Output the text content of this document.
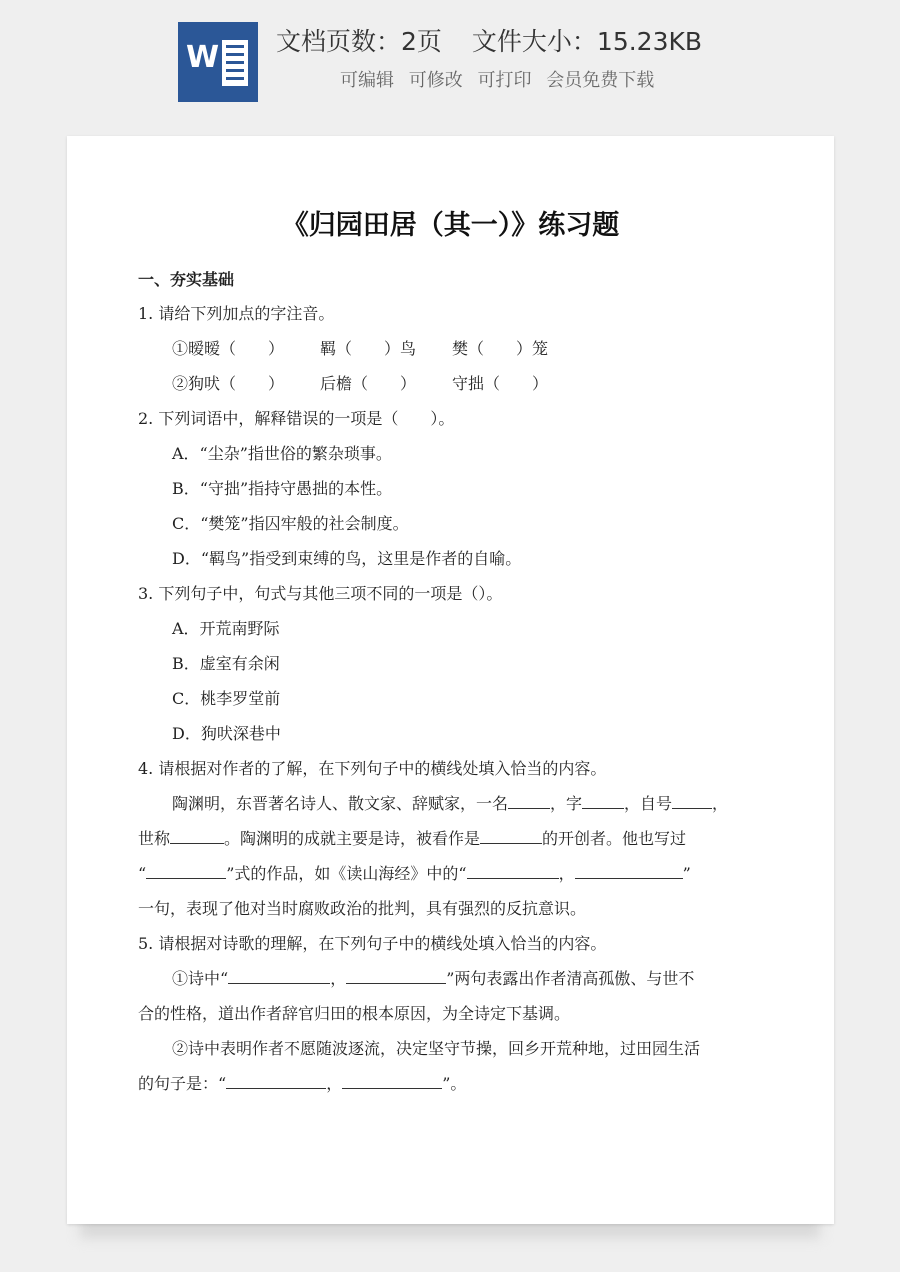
W 文档页数：2页 文件大小：15.23KB
可编辑 可修改 可打印 会员免费下载
《归园田居（其一）》练习题
一、夯实基础
1. 请给下列加点的字注音。
①暧暧（　　） 羁（　　）鸟 樊（　　）笼
②狗吠（　　） 后檐（　　） 守拙（　　）
2. 下列词语中，解释错误的一项是（　　）。
A．“尘杂”指世俗的繁杂琐事。
B．“守拙”指持守愚拙的本性。
C．“樊笼”指囚牢般的社会制度。
D．“羁鸟”指受到束缚的鸟，这里是作者的自喻。
3. 下列句子中，句式与其他三项不同的一项是（）。
A．开荒南野际
B．虚室有余闲
C．桃李罗堂前
D．狗吠深巷中
4. 请根据对作者的了解，在下列句子中的横线处填入恰当的内容。
陶渊明，东晋著名诗人、散文家、辞赋家，一名	，字	，自号	，
世称	。陶渊明的成就主要是诗，被看作是	的开创者。他也写过
“	”式的作品，如《读山海经》中的“	，	”
一句，表现了他对当时腐败政治的批判，具有强烈的反抗意识。
5. 请根据对诗歌的理解，在下列句子中的横线处填入恰当的内容。
①诗中“	，	”两句表露出作者清高孤傲、与世不
合的性格，道出作者辞官归田的根本原因，为全诗定下基调。
②诗中表明作者不愿随波逐流，决定坚守节操，回乡开荒种地，过田园生活
的句子是：“	，	”。
